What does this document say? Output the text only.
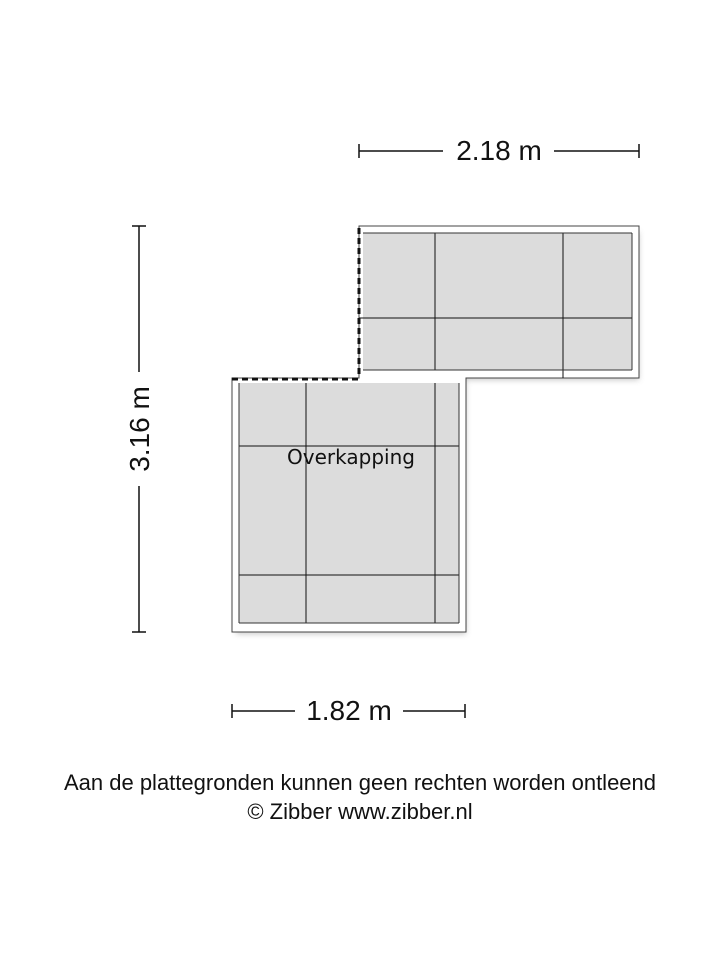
2.18 m
3.16 m
1.82 m
Overkapping
Aan de plattegronden kunnen geen rechten worden ontleend
© Zibber www.zibber.nl
